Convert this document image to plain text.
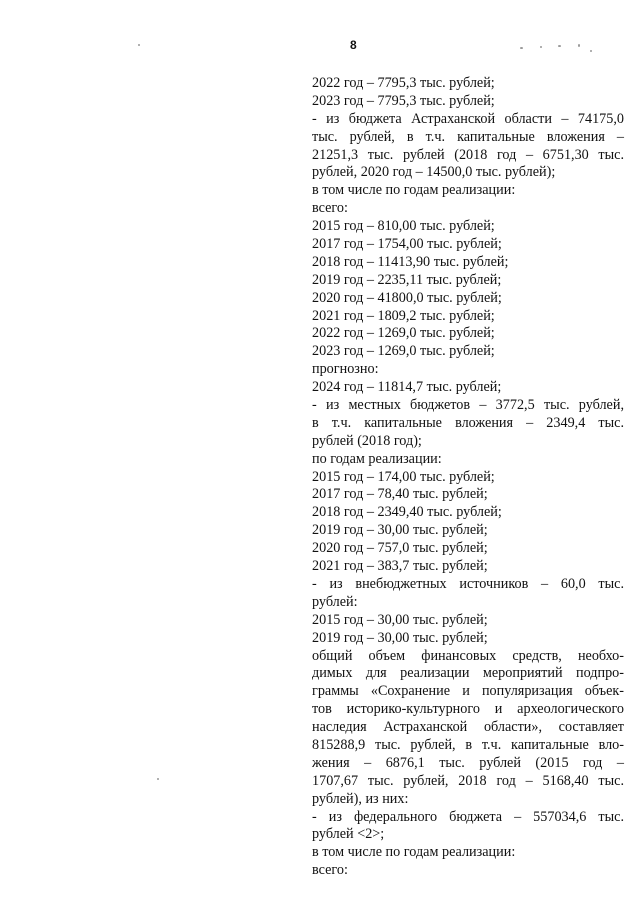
8
2022 год – 7795,3 тыс. рублей;
2023 год – 7795,3 тыс. рублей;
- из бюджета Астраханской области – 74175,0
тыс. рублей, в т.ч. капитальные вложения –
21251,3 тыс. рублей (2018 год – 6751,30 тыс.
рублей, 2020 год – 14500,0 тыс. рублей);
в том числе по годам реализации:
всего:
2015 год – 810,00 тыс. рублей;
2017 год – 1754,00 тыс. рублей;
2018 год – 11413,90 тыс. рублей;
2019 год – 2235,11 тыс. рублей;
2020 год – 41800,0 тыс. рублей;
2021 год – 1809,2 тыс. рублей;
2022 год – 1269,0 тыс. рублей;
2023 год – 1269,0 тыс. рублей;
прогнозно:
2024 год – 11814,7 тыс. рублей;
- из местных бюджетов – 3772,5 тыс. рублей,
в т.ч. капитальные вложения – 2349,4 тыс.
рублей (2018 год);
по годам реализации:
2015 год – 174,00 тыс. рублей;
2017 год – 78,40 тыс. рублей;
2018 год – 2349,40 тыс. рублей;
2019 год – 30,00 тыс. рублей;
2020 год – 757,0 тыс. рублей;
2021 год – 383,7 тыс. рублей;
- из внебюджетных источников – 60,0 тыс.
рублей:
2015 год – 30,00 тыс. рублей;
2019 год – 30,00 тыс. рублей;
общий объем финансовых средств, необхо-
димых для реализации мероприятий подпро-
граммы «Сохранение и популяризация объек-
тов историко-культурного и археологического
наследия Астраханской области», составляет
815288,9 тыс. рублей, в т.ч. капитальные вло-
жения – 6876,1 тыс. рублей (2015 год –
1707,67 тыс. рублей, 2018 год – 5168,40 тыс.
рублей), из них:
- из федерального бюджета – 557034,6 тыс.
рублей <2>;
в том числе по годам реализации:
всего:
